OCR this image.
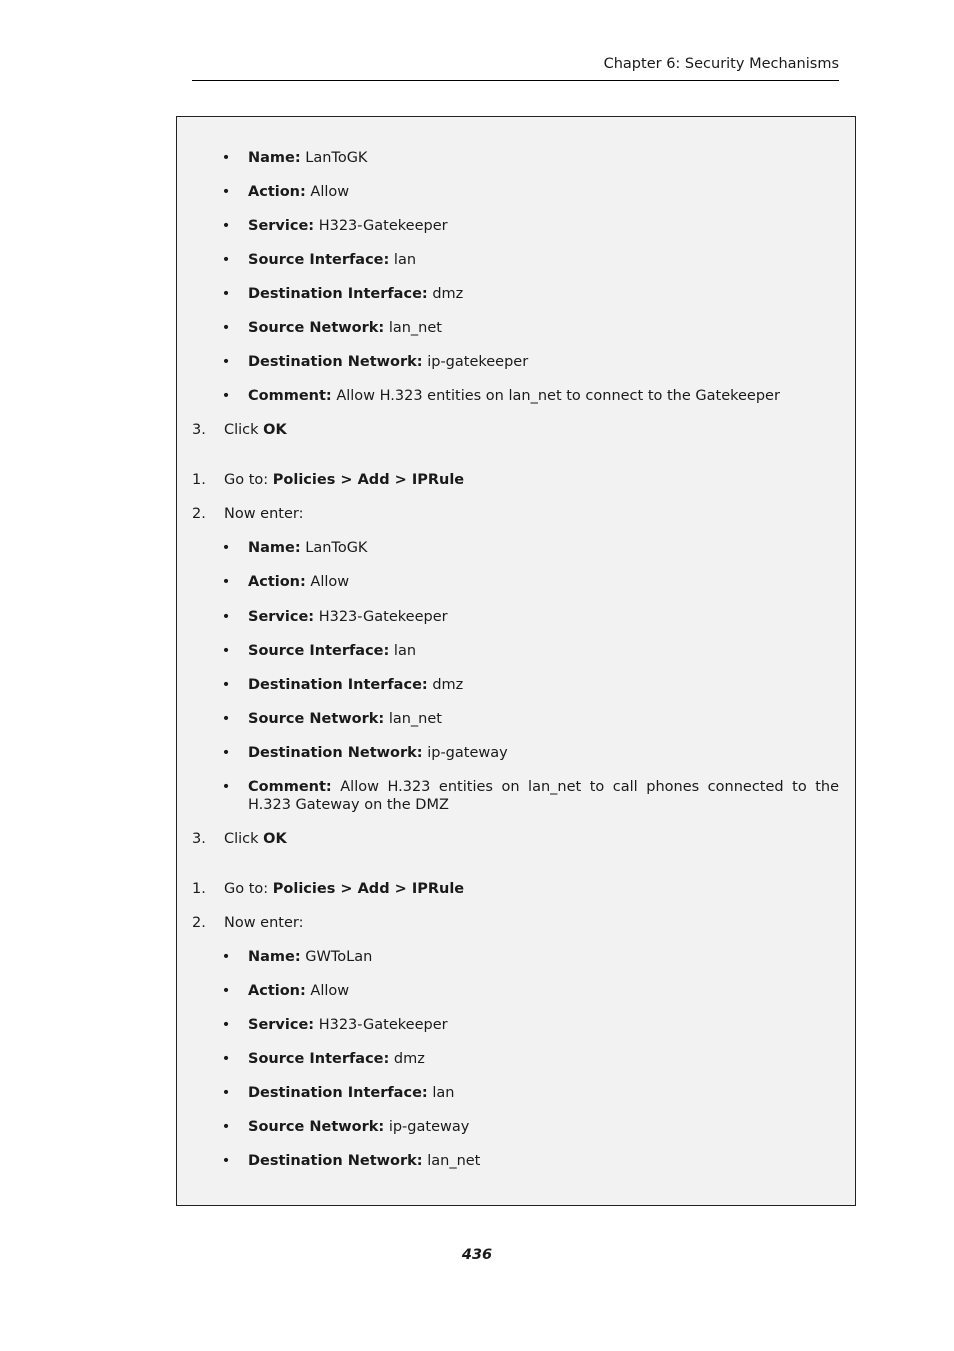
Chapter 6: Security Mechanisms
• Name: LanToGK
• Action: Allow
• Service: H323-Gatekeeper
• Source Interface: lan
• Destination Interface: dmz
• Source Network: lan_net
• Destination Network: ip-gatekeeper
• Comment: Allow H.323 entities on lan_net to connect to the Gatekeeper
3. Click OK
1. Go to: Policies > Add > IPRule
2. Now enter:
• Name: LanToGK
• Action: Allow
• Service: H323-Gatekeeper
• Source Interface: lan
• Destination Interface: dmz
• Source Network: lan_net
• Destination Network: ip-gateway
• Comment: Allow H.323 entities on lan_net to call phones connected to the H.323 Gateway on the DMZ
3. Click OK
1. Go to: Policies > Add > IPRule
2. Now enter:
• Name: GWToLan
• Action: Allow
• Service: H323-Gatekeeper
• Source Interface: dmz
• Destination Interface: lan
• Source Network: ip-gateway
• Destination Network: lan_net
436
